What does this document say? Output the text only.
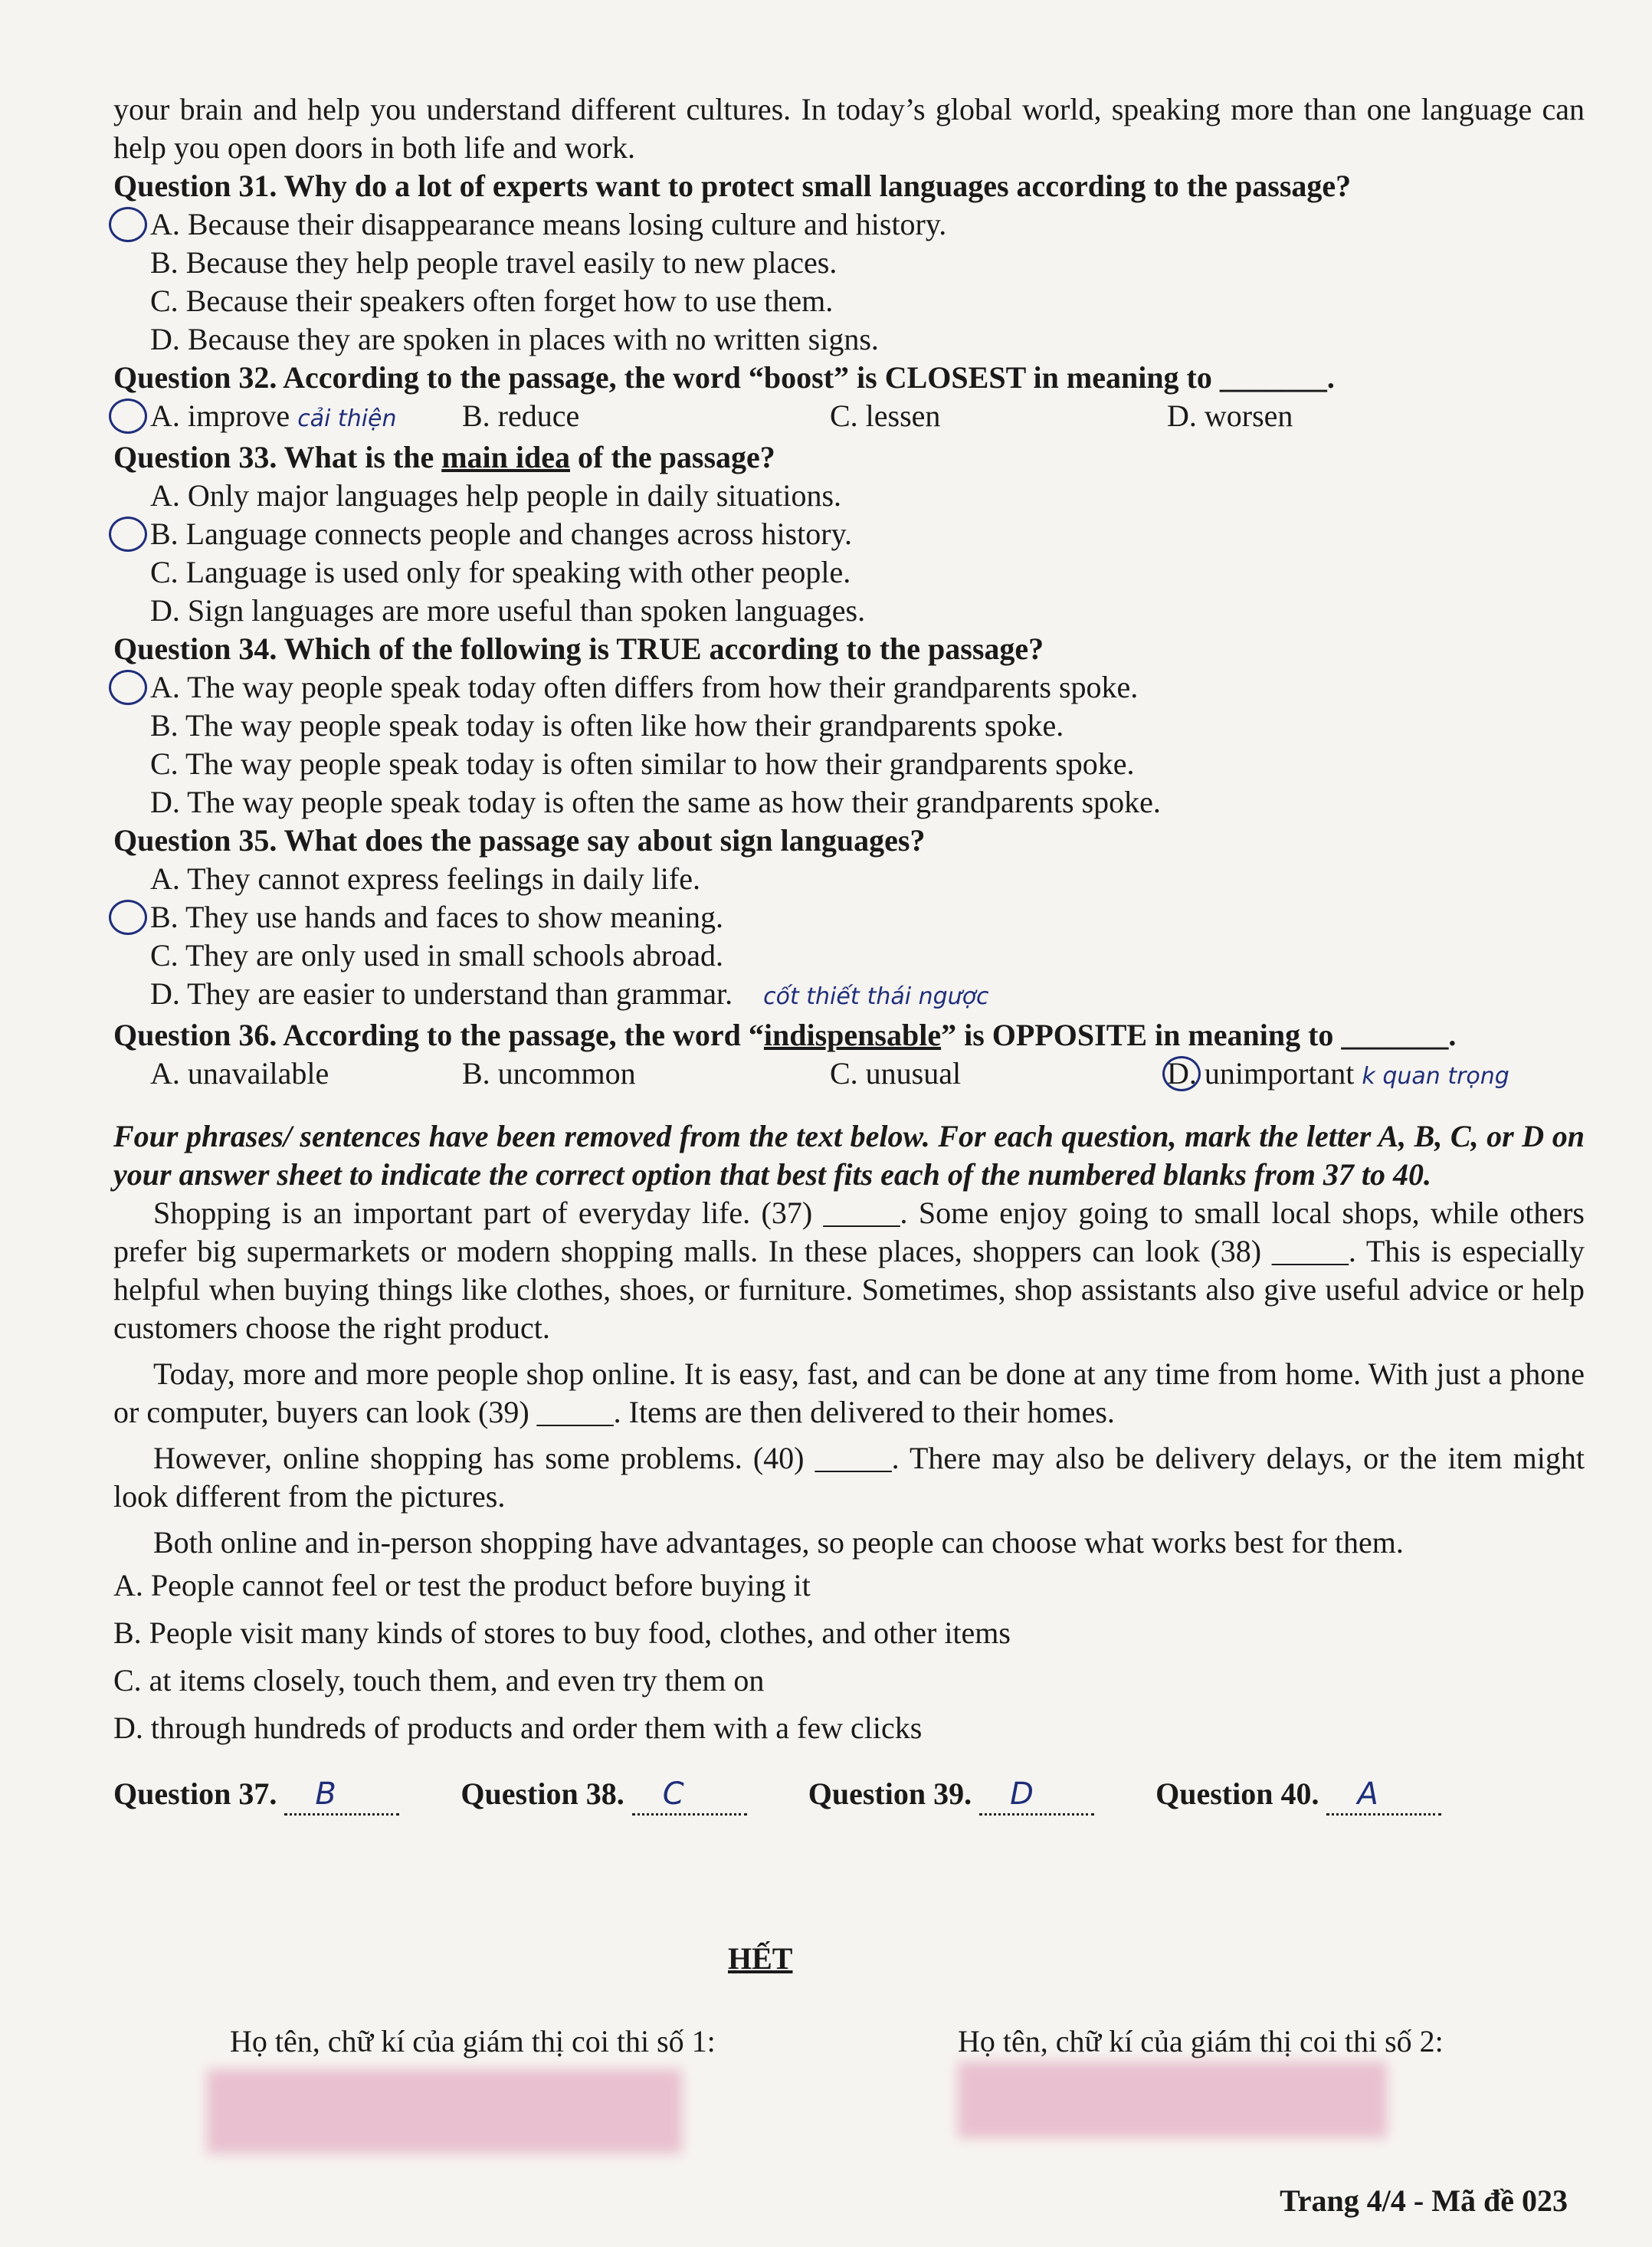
your brain and help you understand different cultures. In today’s global world, speaking more than one language can help you open doors in both life and work.

Question 31. Why do a lot of experts want to protect small languages according to the passage?

A. Because their disappearance means losing culture and history.
B. Because they help people travel easily to new places.
C. Because their speakers often forget how to use them.
D. Because they are spoken in places with no written signs.

Question 32. According to the passage, the word “boost” is CLOSEST in meaning to _______.

A. improve cải thiện	B. reduce	C. lessen	D. worsen

Question 33. What is the main idea of the passage?

A. Only major languages help people in daily situations.
B. Language connects people and changes across history.
C. Language is used only for speaking with other people.
D. Sign languages are more useful than spoken languages.

Question 34. Which of the following is TRUE according to the passage?

A. The way people speak today often differs from how their grandparents spoke.
B. The way people speak today is often like how their grandparents spoke.
C. The way people speak today is often similar to how their grandparents spoke.
D. The way people speak today is often the same as how their grandparents spoke.

Question 35. What does the passage say about sign languages?

A. They cannot express feelings in daily life.
B. They use hands and faces to show meaning.
C. They are only used in small schools abroad.
D. They are easier to understand than grammar. cốt thiết thái ngược

Question 36. According to the passage, the word “indispensable” is OPPOSITE in meaning to _______.

A. unavailable	B. uncommon	C. unusual	D. unimportant k quan trọng

Four phrases/ sentences have been removed from the text below. For each question, mark the letter A, B, C, or D on your answer sheet to indicate the correct option that best fits each of the numbered blanks from 37 to 40.

Shopping is an important part of everyday life. (37) _____. Some enjoy going to small local shops, while others prefer big supermarkets or modern shopping malls. In these places, shoppers can look (38) _____. This is especially helpful when buying things like clothes, shoes, or furniture. Sometimes, shop assistants also give useful advice or help customers choose the right product.

Today, more and more people shop online. It is easy, fast, and can be done at any time from home. With just a phone or computer, buyers can look (39) _____. Items are then delivered to their homes.

However, online shopping has some problems. (40) _____. There may also be delivery delays, or the item might look different from the pictures.

Both online and in-person shopping have advantages, so people can choose what works best for them.

A. People cannot feel or test the product before buying it

B. People visit many kinds of stores to buy food, clothes, and other items

C. at items closely, touch them, and even try them on

D. through hundreds of products and order them with a few clicks

Question 37. B	Question 38. C	Question 39. D	Question 40. A
HẾT
Họ tên, chữ kí của giám thị coi thi số 1:	Họ tên, chữ kí của giám thị coi thi số 2:
Trang 4/4 - Mã đề 023
